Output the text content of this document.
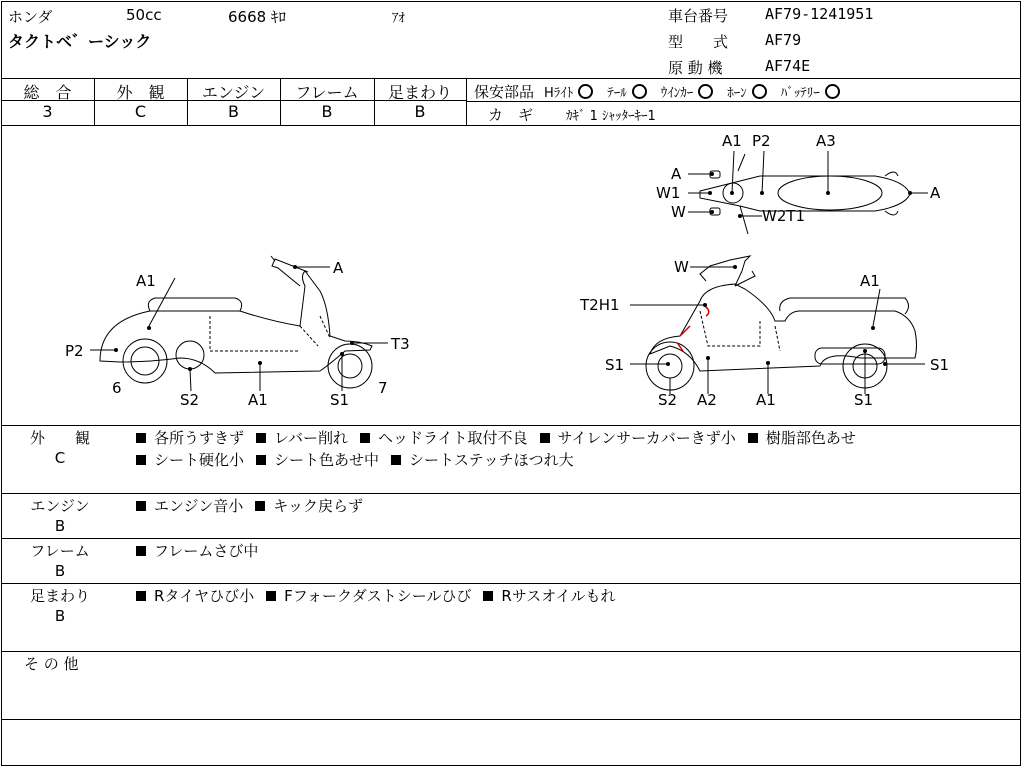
ホンダ	50cc	6668 ｷﾛ	ｱｵ
タクトベ゛ーシック
車台番号 AF79-1241951
型　　式 AF79
原 動 機	AF74E
総　合
3
外　観
C
エンジン
B
フレーム
B
足まわり
B
保安部品 Hﾗｲﾄ	ﾃｰﾙ	ｳｲﾝｶｰ	ﾎｰﾝ	ﾊﾞｯﾃﾘｰ
カ　ギ	ｶｷﾞ 1 ｼｬｯﾀｰｷｰ1
A1
A
P2	T3
6	7
S2	A1	S1
W
A1
T2H1
S1
S2 A2	A1	S1
S1
A1 P2	A3
A
W1
W	W2T1
A
外　　観
C
各所うすきず レバー削れ ヘッドライト取付不良 サイレンサーカバーきず小 樹脂部色あせ
シート硬化小 シート色あせ中 シートステッチほつれ大
エンジン
B
エンジン音小 キック戻らず
フレーム
B
フレームさび中
足まわり
B
Rタイヤひび小 Fフォークダストシールひび Rサスオイルもれ
そ の 他
